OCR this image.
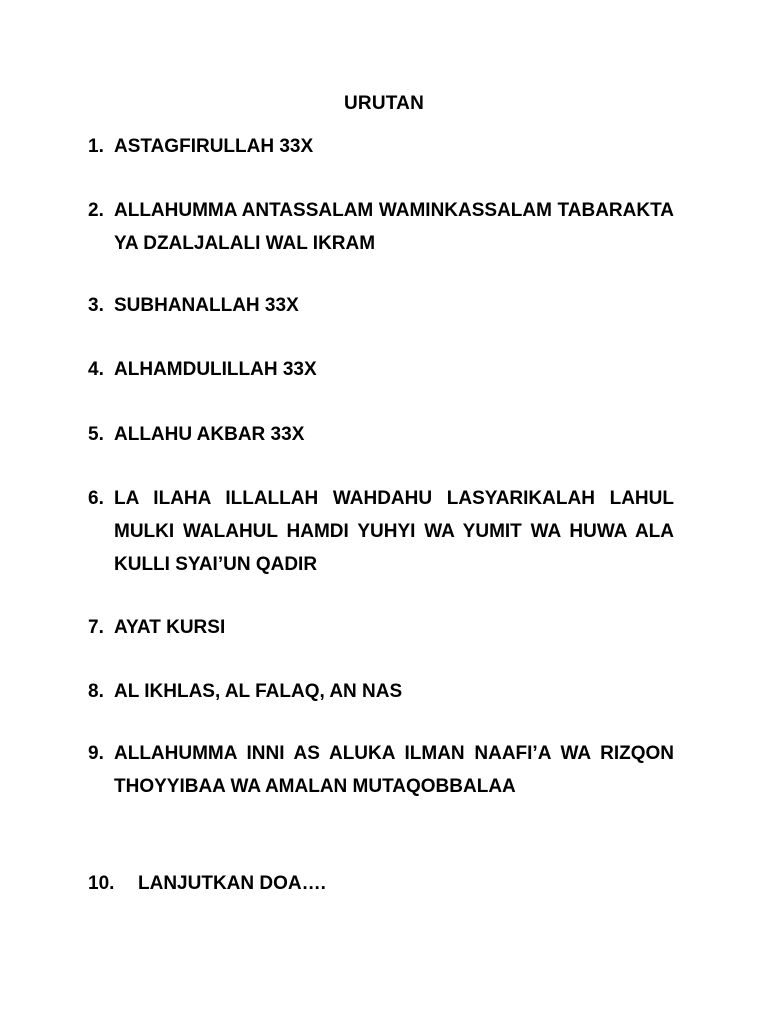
URUTAN
1. ASTAGFIRULLAH 33X
2. ALLAHUMMA ANTASSALAM WAMINKASSALAM TABARAKTA YA DZALJALALI WAL IKRAM
3. SUBHANALLAH 33X
4. ALHAMDULILLAH 33X
5. ALLAHU AKBAR 33X
6. LA ILAHA ILLALLAH WAHDAHU LASYARIKALAH LAHUL MULKI WALAHUL HAMDI YUHYI WA YUMIT WA HUWA ALA KULLI SYAI’UN QADIR
7. AYAT KURSI
8. AL IKHLAS, AL FALAQ, AN NAS
9. ALLAHUMMA INNI AS ALUKA ILMAN NAAFI’A WA RIZQON THOYYIBAA WA AMALAN MUTAQOBBALAA
10. LANJUTKAN DOA….
